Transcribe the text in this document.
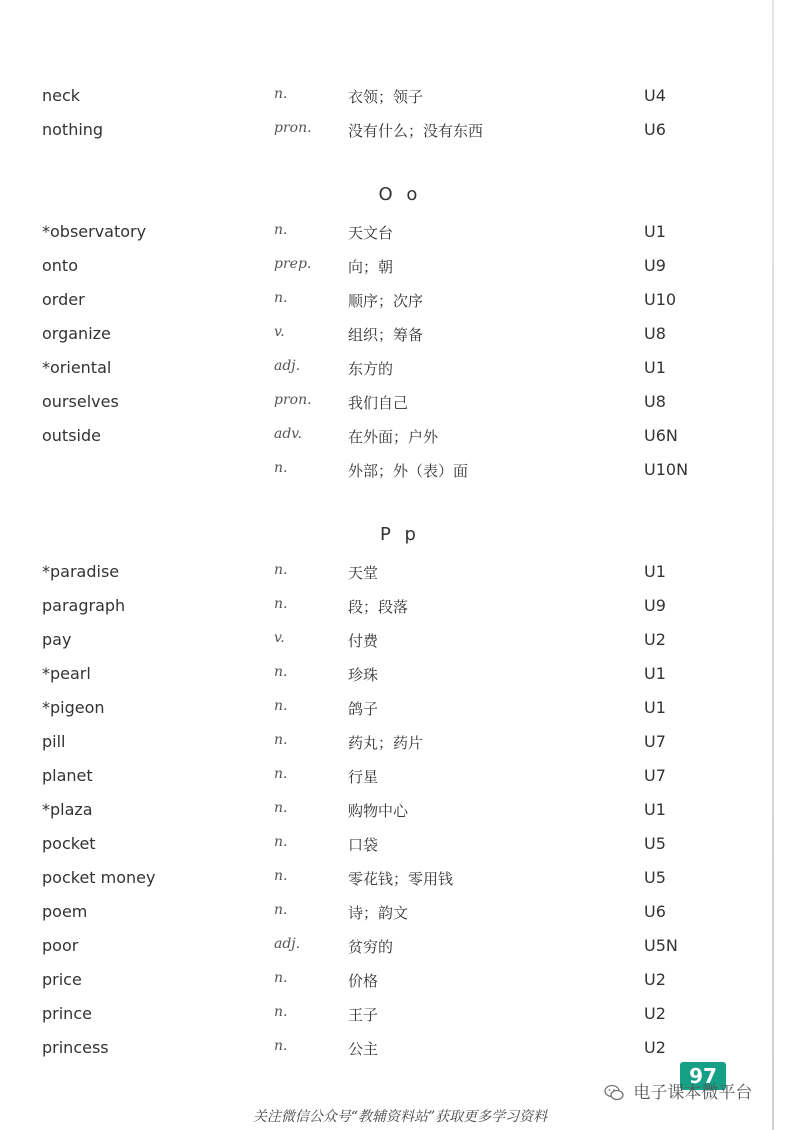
neck	n.	衣领；领子	U4
nothing	pron. 没有什么；没有东西	U6
O o
*observatory	n.	天文台	U1
onto	prep. 向；朝	U9
order	n.	顺序；次序	U10
organize	v.	组织；筹备	U8
*oriental	adj.	东方的	U1
ourselves	pron. 我们自己	U8
outside	adv.	在外面；户外	U6N
n.	外部；外（表）面	U10N
P p
*paradise	n.	天堂	U1
paragraph	n.	段；段落	U9
pay	v.	付费	U2
*pearl	n.	珍珠	U1
*pigeon	n.	鸽子	U1
pill	n.	药丸；药片	U7
planet	n.	行星	U7
*plaza	n.	购物中心	U1
pocket	n.	口袋	U5
pocket money	n.	零花钱；零用钱	U5
poem	n.	诗；韵文	U6
poor	adj.	贫穷的	U5N
price	n.	价格	U2
prince	n.	王子	U2
princess	n.	公主	U2
97
电子课本微平台
关注微信公众号“教辅资料站”获取更多学习资料
